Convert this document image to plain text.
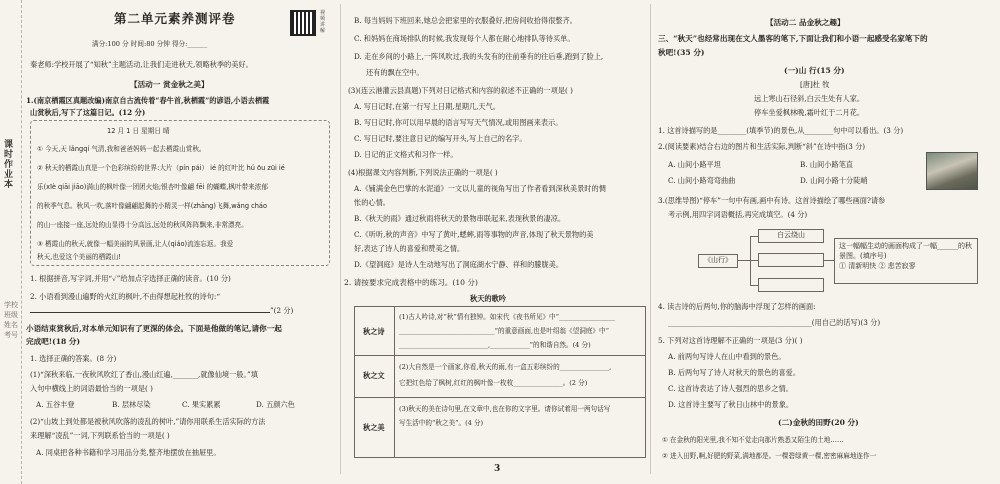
课时作业本
学校 班级 姓名 考号
第二单元素养测评卷	视频讲解
满分:100 分 时间:80 分钟 得分:______
秦老师:学校开展了“知秋”主题活动,让我们走进秋天,领略秋季的美好。
【活动一 赏金秋之美】
1.(南京栖霞区真题改编)南京自古流传着“春牛首,秋栖霞”的谚语,小语去栖霞
山赏秋后,写下了这篇日记。(12 分)
12 月 1 日 星期日 晴
① 今天,天 lǎngqí 气清,我和爸爸妈妈一起去栖霞山赏秋。
② 秋天的栖霞山真是一个色彩缤纷的世界:大片（pín pái） ié 的红叶比 hú ōu zūi ié
乐(xīè qiāi jiāo)满山的枫叶像一团团火焰;银杏叶像翩 fēi 的蝴蝶,枫叶带来浓郁
的秋季气息。秋风一吹,落叶像翩翩起舞的小精灵一样(zhāng)飞舞,wǎng cháo
的山一座接一座,远处的山显得十分高远,远处的秋风阵阵飘来,非常漂亮。
③ 栖霞山的秋天,就像一幅美丽的风景画,让人(qiáo)流连忘返。我爱
秋天,也爱这个美丽的栖霞山!
1. 根据拼音,写字词,并用“✓”给加点字选择正确的读音。(10 分)
2. 小语看到漫山遍野的火红的枫叶,不由得想起杜牧的诗句:“
”(2 分)
小语结束赏秋后,对本单元知识有了更深的体会。下面是他做的笔记,请你一起
完成吧!(18 分)
1. 选择正确的答案。(8 分)
(1)“深秋来临,一夜秋风吹红了香山,漫山红遍,_______,就像仙境一般。”填
入句中横线上的词语最恰当的一项是( )
A. 五谷丰登	B. 层林尽染	C. 果实累累	D. 五颜六色
(2)“山坡上到处都是被秋风吹落的凌乱的树叶,”请你用联系生活实际的方法
来理解“凌乱”一词,下列联系恰当的一项是( )
A. 同桌把各种书籍和学习用品分类,整齐地摆放在抽屉里。
B. 每当妈妈下班回来,她总会把家里的衣服叠好,把房间收拾得很整齐。
C. 和妈妈在商场排队的时候,我发现每个人都在耐心地排队等待买单。
D. 走在乡间的小路上,一阵风吹过,我的头发有的往前垂有的往后垂,跑到了脸上,
还有的飘在空中。
(3)(连云港灌云县真题)下列对日记格式和内容的叙述不正确的一项是( )
A. 写日记时,在第一行写上日期,星期几,天气。
B. 写日记时,你可以用早晨的语言写写天气情况,或用图画来表示。
C. 写日记时,要注意日记的编写开头,写上自己的名字。
D. 日记的正文格式和习作一样。
(4)根据课文内容判断,下列说法正确的一项是( )
A.《铺满金色巴掌的水泥道》一文以儿童的视角写出了作者看到深秋美景时的惆
怅的心情。
B.《秋天的雨》通过秋雨将秋天的景物串联起来,表现秋景的凄凉。
C.《听听,秋的声音》中写了黄叶,蟋蟀,雨等事物的声音,体现了秋天景物的美
好,表达了诗人的喜爱和赞美之情。
D.《望洞庭》是诗人生动地写出了洞庭湖水宁静、祥和的朦胧美。
2. 请按要求完成表格中的练习。(10 分)
秋天的歌吟
秋之诗
(1)古人吟诗,对“秋”情有独钟。如宋代《夜书所见》中“_________________
_____________________________”的重意画面,也是叶绍翁《望洞庭》中“
___________________________,____________”的和谐自然。(4 分)
秋之文
(2)大自然是一个画家,你看,秋天的雨,有一盒五彩缤纷的_______________,
它把红色给了枫树,红红的枫叶像一枚枚_______________。(2 分)
秋之美
(3)秋天的美在诗句里,在文章中,也在你的文字里。请你试着用一两句话写
写生活中的“秋之美”。(4 分)
3
【活动二 品金秋之趣】
三、“秋天”也经常出现在文人墨客的笔下,下面让我们和小语一起感受名家笔下的
秋吧!(35 分)
(一)山 行(15 分)
[唐]杜 牧
远上寒山石径斜,白云生处有人家。
停车坐爱枫林晚,霜叶红于二月花。
1. 这首诗描写的是________(填季节)的景色,从________句中可以看出。(3 分)
2.(阅读要素)结合右边的图片和生活实际,判断“斜”在诗中指(3 分)
A. 山间小路平坦	B. 山间小路笔直
C. 山间小路弯弯曲曲	D. 山间小路十分陡峭
3.(思维导图)“停车”一句中有画,画中有诗。这首诗描绘了哪些画面?请参
考示例,用四字词语概括,再完成填空。(4 分)
《山行》
白云绕山
这一幅幅生动的画面构成了一幅______的秋景图。(填序号)
① 清新明快 ② 悲苦寂寥
4. 读古诗的后两句,你的脑海中浮现了怎样的画面:
________________________________________(用自己的话写)(3 分)
5. 下列对这首诗理解不正确的一项是(3 分)( )
A. 前两句写诗人在山中看到的景色。
B. 后两句写了诗人对秋天的景色的喜爱。
C. 这首诗表达了诗人强烈的思乡之情。
D. 这首诗主要写了秋日山林中的景象。
(二)金秋的田野(20 分)
① 在金秋的阳光里,我不知不觉走向那片熟悉又陌生的土地……
② 进入田野,啊,好肥的野菜,满地都是。一棵碧绿黄一棵,密密麻麻地连作一
